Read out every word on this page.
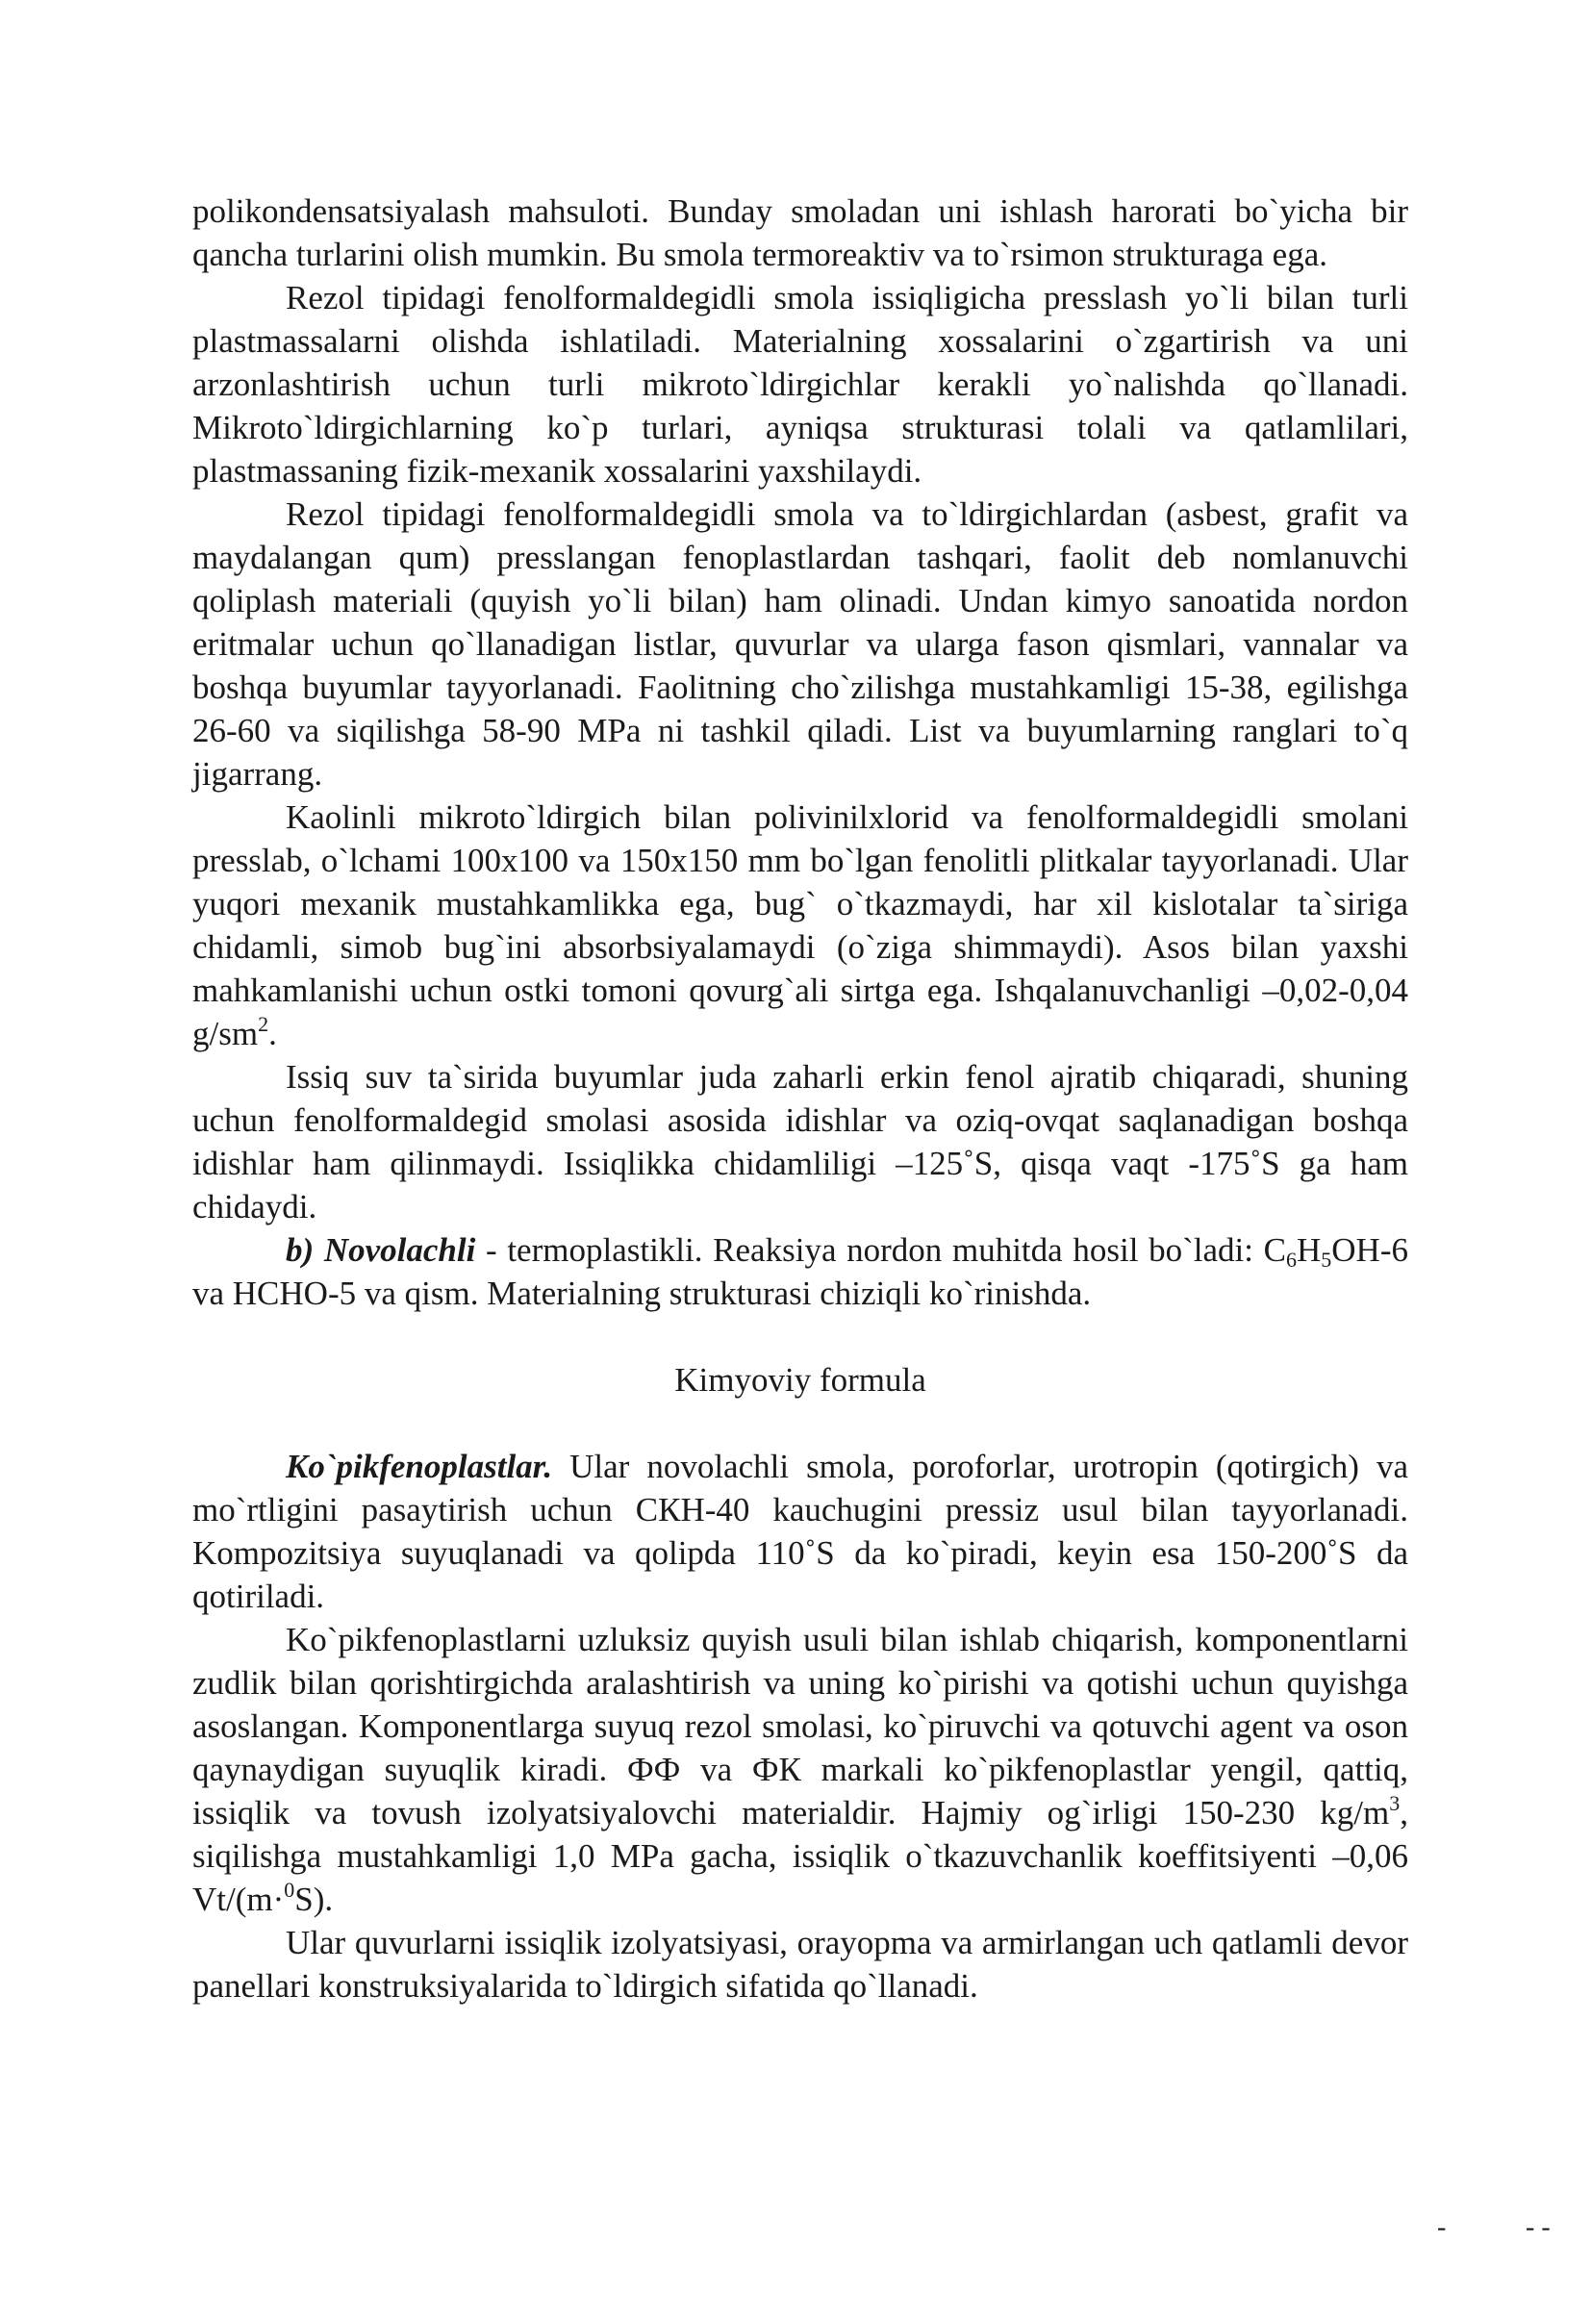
polikondensatsiyalash mahsuloti. Bunday smoladan uni ishlash harorati bo`yicha bir qancha turlarini olish mumkin. Bu smola termoreaktiv va to`rsimon strukturaga ega.

Rezol tipidagi fenolformaldegidli smola issiqligicha presslash yo`li bilan turli plastmassalarni olishda ishlatiladi. Materialning xossalarini o`zgartirish va uni arzonlashtirish uchun turli mikroto`ldirgichlar kerakli yo`nalishda qo`llanadi. Mikroto`ldirgichlarning ko`p turlari, ayniqsa strukturasi tolali va qatlamlilari, plastmassaning fizik-mexanik xossalarini yaxshilaydi.

Rezol tipidagi fenolformaldegidli smola va to`ldirgichlardan (asbest, grafit va maydalangan qum) presslangan fenoplastlardan tashqari, faolit deb nomlanuvchi qoliplash materiali (quyish yo`li bilan) ham olinadi. Undan kimyo sanoatida nordon eritmalar uchun qo`llanadigan listlar, quvurlar va ularga fason qismlari, vannalar va boshqa buyumlar tayyorlanadi. Faolitning cho`zilishga mustahkamligi 15-38, egilishga 26-60 va siqilishga 58-90 MPa ni tashkil qiladi. List va buyumlarning ranglari to`q jigarrang.

Kaolinli mikroto`ldirgich bilan polivinilxlorid va fenolformaldegidli smolani presslab, o`lchami 100x100 va 150x150 mm bo`lgan fenolitli plitkalar tayyorlanadi. Ular yuqori mexanik mustahkamlikka ega, bug` o`tkazmaydi, har xil kislotalar ta`siriga chidamli, simob bug`ini absorbsiyalamaydi (o`ziga shimmaydi). Asos bilan yaxshi mahkamlanishi uchun ostki tomoni qovurg`ali sirtga ega. Ishqalanuvchanligi –0,02-0,04 $g/sm^2$.

Issiq suv ta`sirida buyumlar juda zaharli erkin fenol ajratib chiqaradi, shuning uchun fenolformaldegid smolasi asosida idishlar va oziq-ovqat saqlanadigan boshqa idishlar ham qilinmaydi. Issiqlikka chidamliligi –125˚S, qisqa vaqt -175˚S ga ham chidaydi.

b) Novolachli - termoplastikli. Reaksiya nordon muhitda hosil bo`ladi: $C_6H_5OH-6$ va HCHO-5 va qism. Materialning strukturasi chiziqli ko`rinishda.

Kimyoviy formula

Ko`pikfenoplastlar. Ular novolachli smola, poroforlar, urotropin (qotirgich) va mo`rtligini pasaytirish uchun СКН-40 kauchugini pressiz usul bilan tayyorlanadi. Kompozitsiya suyuqlanadi va qolipda 110˚S da ko`piradi, keyin esa 150-200˚S da qotiriladi.

Ko`pikfenoplastlarni uzluksiz quyish usuli bilan ishlab chiqarish, komponentlarni zudlik bilan qorishtirgichda aralashtirish va uning ko`pirishi va qotishi uchun quyishga asoslangan. Komponentlarga suyuq rezol smolasi, ko`piruvchi va qotuvchi agent va oson qaynaydigan suyuqlik kiradi. ФФ va ФК markali ko`pikfenoplastlar yengil, qattiq, issiqlik va tovush izolyatsiyalovchi materialdir. Hajmiy og`irligi 150-230 $kg/m^3$, siqilishga mustahkamligi 1,0 MPa gacha, issiqlik o`tkazuvchanlik koeffitsiyenti –0,06 Vt/(m·$^0$S).

Ular quvurlarni issiqlik izolyatsiyasi, orayopma va armirlangan uch qatlamli devor panellari konstruksiyalarida to`ldirgich sifatida qo`llanadi.

-

	- -
